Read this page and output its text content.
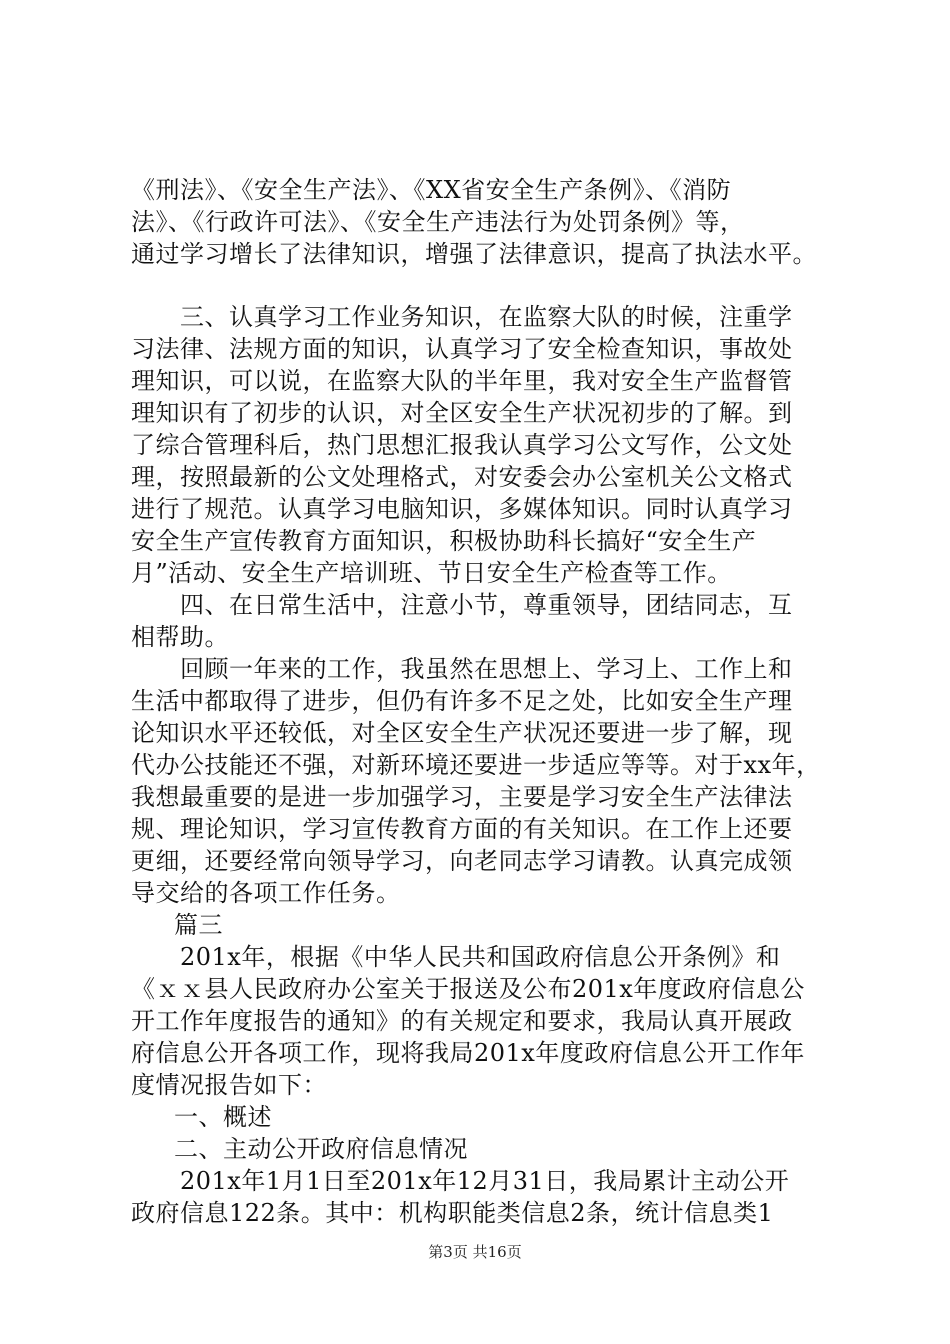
《刑法》、《安全生产法》、《XX省安全生产条例》、《消防
法》、《行政许可法》、《安全生产违法行为处罚条例》等，
通过学习增长了法律知识，增强了法律意识，提高了执法水平。
三、认真学习工作业务知识，在监察大队的时候，注重学
习法律、法规方面的知识，认真学习了安全检查知识，事故处
理知识，可以说，在监察大队的半年里，我对安全生产监督管
理知识有了初步的认识，对全区安全生产状况初步的了解。到
了综合管理科后，热门思想汇报我认真学习公文写作，公文处
理，按照最新的公文处理格式，对安委会办公室机关公文格式
进行了规范。认真学习电脑知识，多媒体知识。同时认真学习
安全生产宣传教育方面知识，积极协助科长搞好“安全生产
月”活动、安全生产培训班、节日安全生产检查等工作。
四、在日常生活中，注意小节，尊重领导，团结同志，互
相帮助。
回顾一年来的工作，我虽然在思想上、学习上、工作上和
生活中都取得了进步，但仍有许多不足之处，比如安全生产理
论知识水平还较低，对全区安全生产状况还要进一步了解，现
代办公技能还不强，对新环境还要进一步适应等等。对于xx年，
我想最重要的是进一步加强学习，主要是学习安全生产法律法
规、理论知识，学习宣传教育方面的有关知识。在工作上还要
更细，还要经常向领导学习，向老同志学习请教。认真完成领
导交给的各项工作任务。
篇三
201x年，根据《中华人民共和国政府信息公开条例》和
《ｘｘ县人民政府办公室关于报送及公布201x年度政府信息公
开工作年度报告的通知》的有关规定和要求，我局认真开展政
府信息公开各项工作，现将我局201x年度政府信息公开工作年
度情况报告如下：
一、概述
二、主动公开政府信息情况
201x年1月1日至201x年12月31日，我局累计主动公开
政府信息122条。其中：机构职能类信息2条，统计信息类1
第3页 共16页
